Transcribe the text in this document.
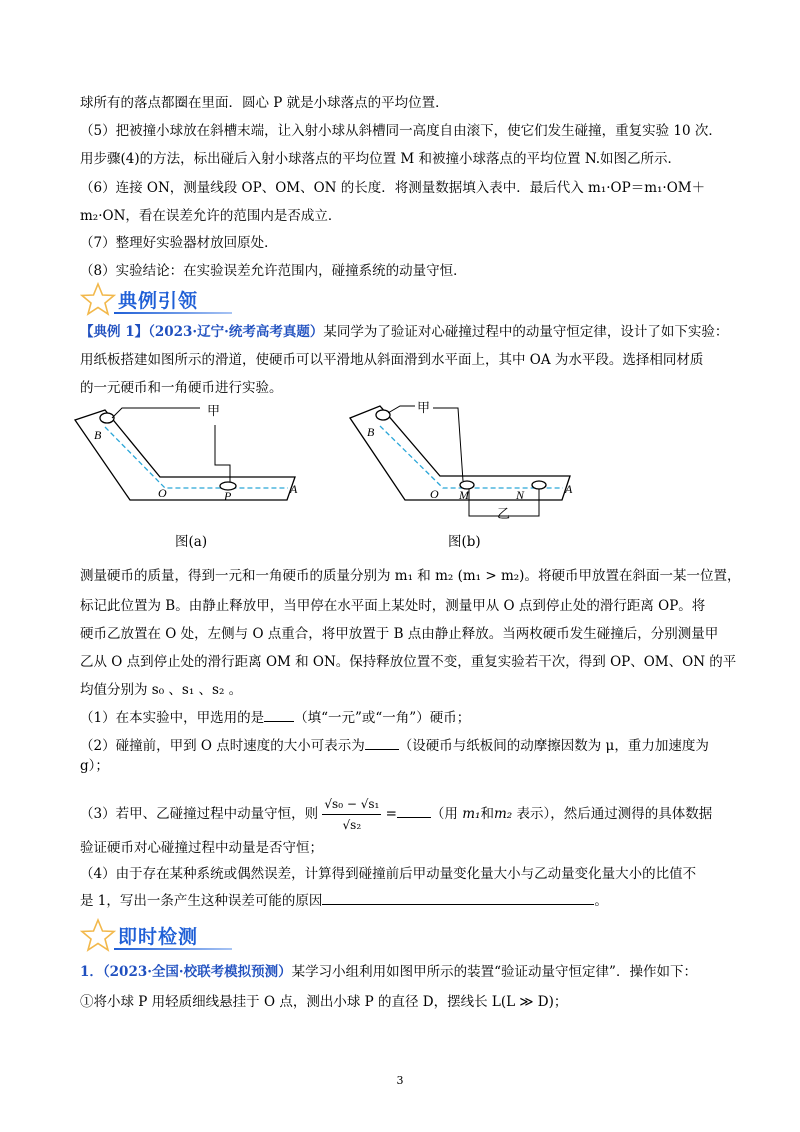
球所有的落点都圈在里面．圆心 P 就是小球落点的平均位置．
（5）把被撞小球放在斜槽末端，让入射小球从斜槽同一高度自由滚下，使它们发生碰撞，重复实验 10 次．
用步骤(4)的方法，标出碰后入射小球落点的平均位置 M 和被撞小球落点的平均位置 N.如图乙所示．
（6）连接 ON，测量线段 OP、OM、ON 的长度．将测量数据填入表中．最后代入 m₁·OP＝m₁·OM＋
m₂·ON，看在误差允许的范围内是否成立．
（7）整理好实验器材放回原处．
（8）实验结论：在实验误差允许范围内，碰撞系统的动量守恒．
典例引领
【典例 1】（2023·辽宁·统考高考真题）某同学为了验证对心碰撞过程中的动量守恒定律，设计了如下实验：
用纸板搭建如图所示的滑道，使硬币可以平滑地从斜面滑到水平面上，其中 OA 为水平段。选择相同材质
的一元硬币和一角硬币进行实验。
甲
B
O	P	A
图(a)
甲
B
O M	N	A
乙
图(b)
测量硬币的质量，得到一元和一角硬币的质量分别为 m₁ 和 m₂ (m₁ > m₂)。将硬币甲放置在斜面一某一位置，
标记此位置为 B。由静止释放甲，当甲停在水平面上某处时，测量甲从 O 点到停止处的滑行距离 OP。将
硬币乙放置在 O 处，左侧与 O 点重合，将甲放置于 B 点由静止释放。当两枚硬币发生碰撞后，分别测量甲
乙从 O 点到停止处的滑行距离 OM 和 ON。保持释放位置不变，重复实验若干次，得到 OP、OM、ON 的平
均值分别为 s₀ 、s₁ 、s₂ 。
（1）在本实验中，甲选用的是 （填“一元”或“一角”）硬币；
（2）碰撞前，甲到 O 点时速度的大小可表示为	（设硬币与纸板间的动摩擦因数为 μ，重力加速度为
g）；
（3）若甲、乙碰撞过程中动量守恒，则 $\frac{\text{√s₀ − √s₁}}{\text{√s₂}}$ =	（用 m₁和m₂ 表示），然后通过测得的具体数据
验证硬币对心碰撞过程中动量是否守恒；
（4）由于存在某种系统或偶然误差，计算得到碰撞前后甲动量变化量大小与乙动量变化量大小的比值不
是 1，写出一条产生这种误差可能的原因	。
即时检测
1．（2023·全国·校联考模拟预测）某学习小组利用如图甲所示的装置“验证动量守恒定律”．操作如下：
①将小球 P 用轻质细线悬挂于 O 点，测出小球 P 的直径 D，摆线长 L(L ≫ D)；
3
